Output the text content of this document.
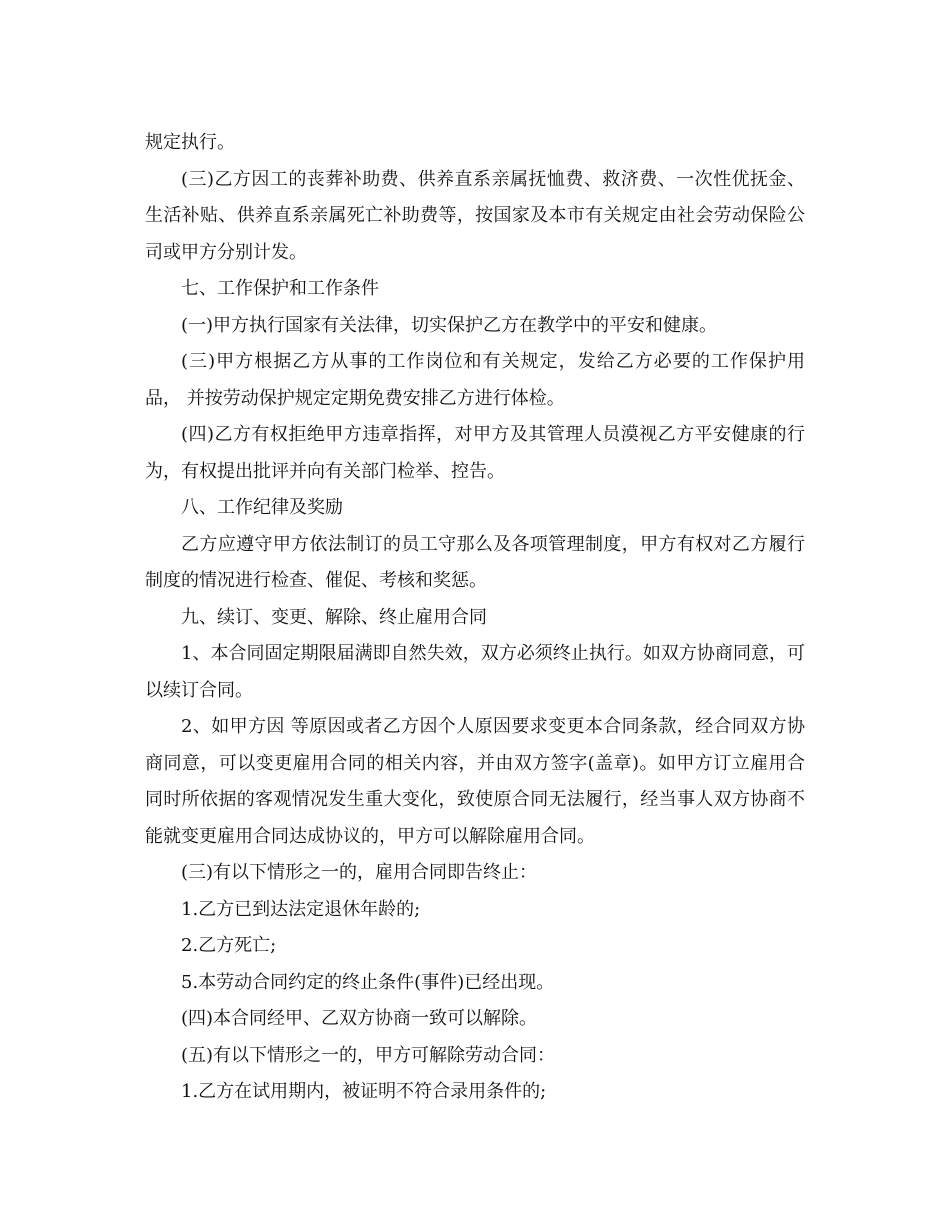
规定执行。

(三)乙方因工的丧葬补助费、供养直系亲属抚恤费、救济费、一次性优抚金、生活补贴、供养直系亲属死亡补助费等，按国家及本市有关规定由社会劳动保险公司或甲方分别计发。

七、工作保护和工作条件

(一)甲方执行国家有关法律，切实保护乙方在教学中的平安和健康。

(三)甲方根据乙方从事的工作岗位和有关规定，发给乙方必要的工作保护用品， 并按劳动保护规定定期免费安排乙方进行体检。

(四)乙方有权拒绝甲方违章指挥，对甲方及其管理人员漠视乙方平安健康的行为，有权提出批评并向有关部门检举、控告。

八、工作纪律及奖励

乙方应遵守甲方依法制订的员工守那么及各项管理制度，甲方有权对乙方履行制度的情况进行检查、催促、考核和奖惩。

九、续订、变更、解除、终止雇用合同

1、本合同固定期限届满即自然失效，双方必须终止执行。如双方协商同意，可以续订合同。

2、如甲方因 等原因或者乙方因个人原因要求变更本合同条款，经合同双方协商同意，可以变更雇用合同的相关内容，并由双方签字(盖章)。如甲方订立雇用合同时所依据的客观情况发生重大变化，致使原合同无法履行，经当事人双方协商不能就变更雇用合同达成协议的，甲方可以解除雇用合同。

(三)有以下情形之一的，雇用合同即告终止：

1.乙方已到达法定退休年龄的;

2.乙方死亡;

5.本劳动合同约定的终止条件(事件)已经出现。

(四)本合同经甲、乙双方协商一致可以解除。

(五)有以下情形之一的，甲方可解除劳动合同：

1.乙方在试用期内，被证明不符合录用条件的;
